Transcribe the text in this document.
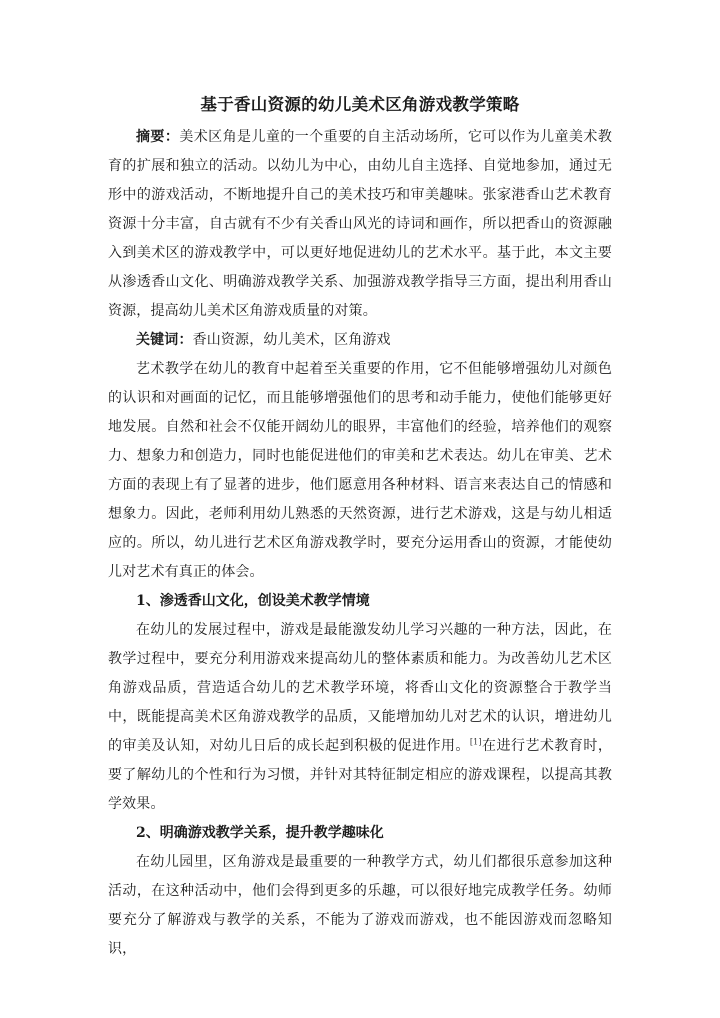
基于香山资源的幼儿美术区角游戏教学策略

摘要：美术区角是儿童的一个重要的自主活动场所，它可以作为儿童美术教育的扩展和独立的活动。以幼儿为中心，由幼儿自主选择、自觉地参加，通过无形中的游戏活动，不断地提升自己的美术技巧和审美趣味。张家港香山艺术教育资源十分丰富，自古就有不少有关香山风光的诗词和画作，所以把香山的资源融入到美术区的游戏教学中，可以更好地促进幼儿的艺术水平。基于此，本文主要从渗透香山文化、明确游戏教学关系、加强游戏教学指导三方面，提出利用香山资源，提高幼儿美术区角游戏质量的对策。

关键词：香山资源，幼儿美术，区角游戏

艺术教学在幼儿的教育中起着至关重要的作用，它不但能够增强幼儿对颜色的认识和对画面的记忆，而且能够增强他们的思考和动手能力，使他们能够更好地发展。自然和社会不仅能开阔幼儿的眼界，丰富他们的经验，培养他们的观察力、想象力和创造力，同时也能促进他们的审美和艺术表达。幼儿在审美、艺术方面的表现上有了显著的进步，他们愿意用各种材料、语言来表达自己的情感和想象力。因此，老师利用幼儿熟悉的天然资源，进行艺术游戏，这是与幼儿相适应的。所以，幼儿进行艺术区角游戏教学时，要充分运用香山的资源，才能使幼儿对艺术有真正的体会。

1、渗透香山文化，创设美术教学情境

在幼儿的发展过程中，游戏是最能激发幼儿学习兴趣的一种方法，因此，在教学过程中，要充分利用游戏来提高幼儿的整体素质和能力。为改善幼儿艺术区角游戏品质，营造适合幼儿的艺术教学环境，将香山文化的资源整合于教学当中，既能提高美术区角游戏教学的品质，又能增加幼儿对艺术的认识，增进幼儿的审美及认知，对幼儿日后的成长起到积极的促进作用。[1]在进行艺术教育时，要了解幼儿的个性和行为习惯，并针对其特征制定相应的游戏课程，以提高其教学效果。

2、明确游戏教学关系，提升教学趣味化

在幼儿园里，区角游戏是最重要的一种教学方式，幼儿们都很乐意参加这种活动，在这种活动中，他们会得到更多的乐趣，可以很好地完成教学任务。幼师要充分了解游戏与教学的关系，不能为了游戏而游戏，也不能因游戏而忽略知识，
